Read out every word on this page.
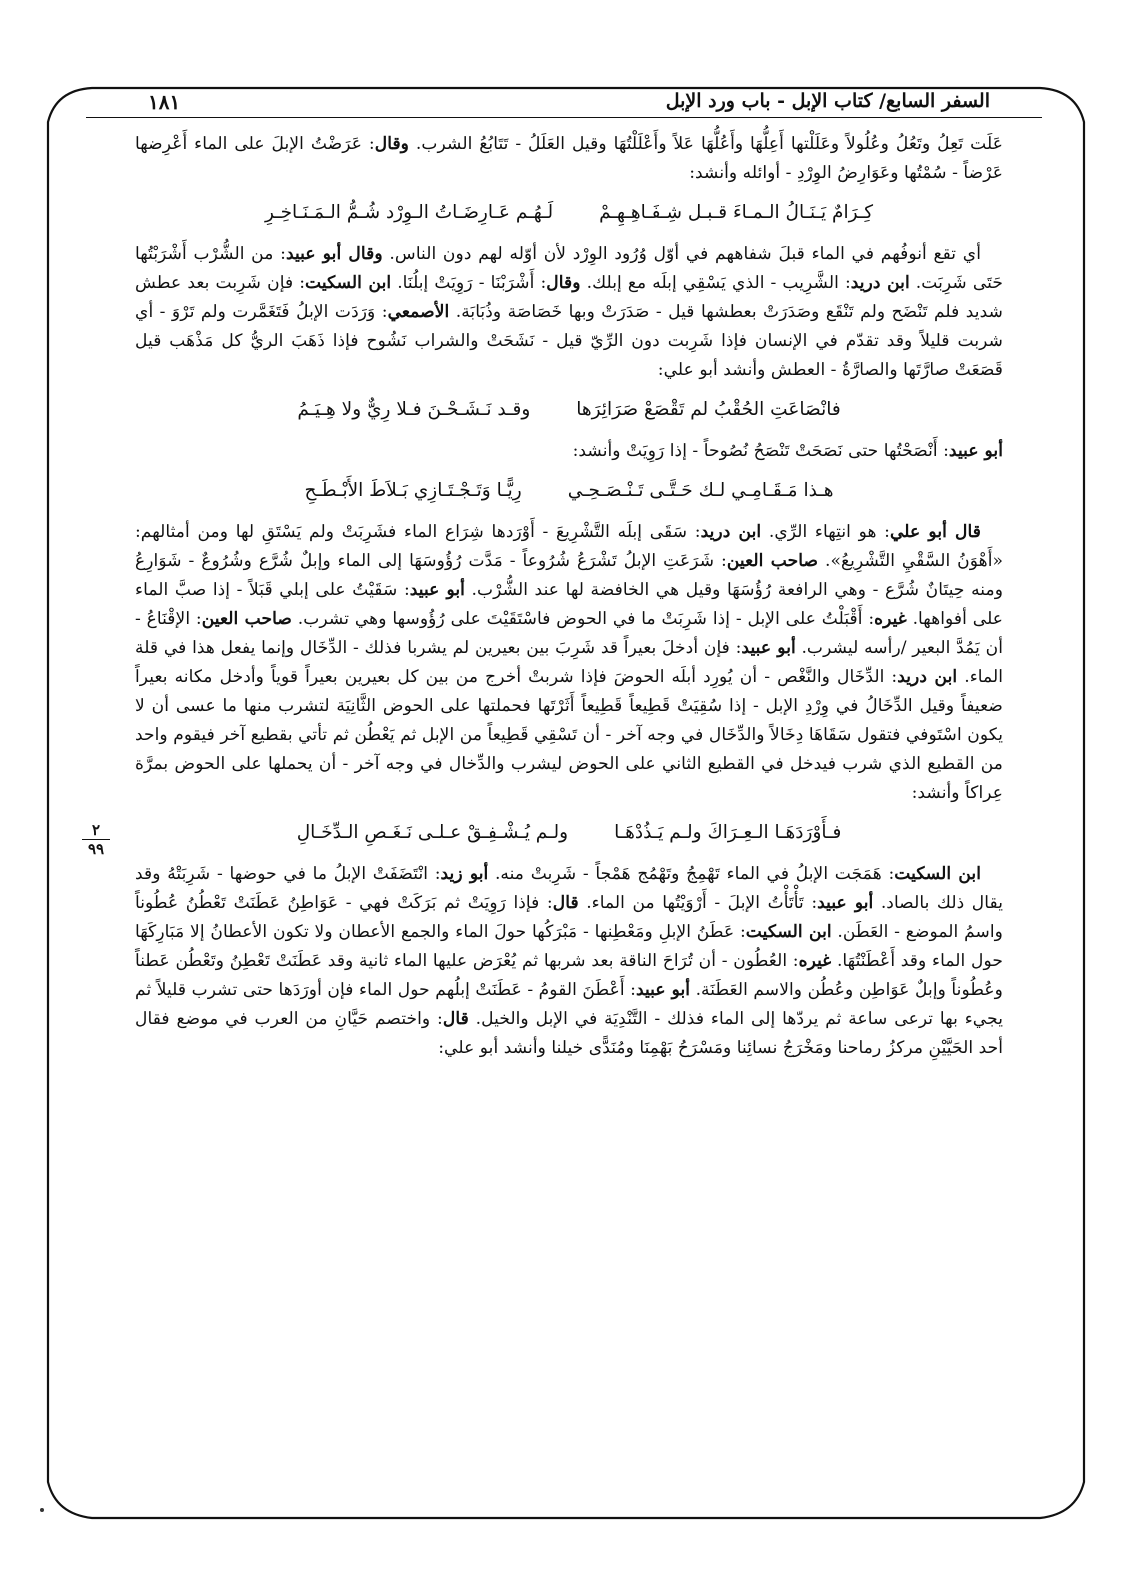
السفر السابع/ كتاب الإبل - باب ورد الإبل
١٨١
٢
٩٩

عَلَت تَعِلُ وتَعُلُ وعُلُولاً وعَلَلْتها أَعِلُّهَا وأَعُلُّهَا عَلاً وأَعْلَلْتُهَا وقيل العَلَلُ - تَتَابُعُ الشرب. وقال: عَرَضْتُ الإبلَ على الماء أَعْرِضها عَرْضاً - سُمْتُها وعَوَارِضُ الوِرْدِ - أوائله وأنشد:

كِـرَامٌ يَـنَـالُ الـمـاءَ قـبـل شِـفَـاهِـهِـمْ
لَـهُـم عَـارِضَـاتُ الـوِرْد شُـمُّ الـمَـنَـاخِـرِ

أي تقع أنوفُهم في الماء قبلَ شفاههم في أوّل وُرُود الوِرْد لأن أوّله لهم دون الناس. وقال أبو عبيد: من الشُّرْب أَشْرَبْتُها حَتَى شَرِبَت. ابن دريد: الشَّرِيب - الذي يَسْقِي إبلَه مع إبلك. وقال: أَشْرَبْنَا - رَوِيَتْ إبلُنَا. ابن السكيت: فإن شَرِبت بعد عطش شديد فلم تَنْضَح ولم تَنْقَع وصَدَرَتْ بعطشها قيل - صَدَرَتْ وبها خَصَاصَة وذُبَابَة. الأصمعي: وَرَدَت الإبلُ فَتَغَمَّرت ولم تَرْوَ - أي شربت قليلاً وقد تقدّم في الإنسان فإذا شَرِبت دون الرِّيّ قيل - نَشَحَتْ والشراب نَشُوح فإذا ذَهَبَ الريُّ كل مَذْهَب قيل قَصَعَتْ صارَّتَها والصارَّةُ - العطش وأنشد أبو علي:

فانْصَاعَتِ الحُقْبُ لم تَقْصَعْ صَرَائِرَها
وقـد نَـشَـحْـنَ فـلا رِيٌّ ولا هِـيَـمُ

أبو عبيد: أَنْصَحْتُها حتى نَصَحَتْ تَنْصَحُ نُصُوحاً - إذا رَوِيَتْ وأنشد:

هـذا مَـقَـامِـي لـك حَـتَّـى تَـنْـصَـحِـي
رِيًّـا وَتَـجْـتَـازِي بَـلاَطَ الأَبْـطَـحِ

قال أبو علي: هو انتِهاء الرِّي. ابن دريد: سَقَى إبلَه التَّشْرِيعَ - أَوْرَدها شِرَاع الماء فشَرِبَتْ ولم يَسْتَقِ لها ومن أمثالهم: «أَهْوَنُ السَّقْيِ التَّشْرِيعُ». صاحب العين: شَرَعَتِ الإبلُ تَشْرَعُ شُرُوعاً - مَدَّت رُؤُوسَهَا إلى الماء وإبلٌ شُرَّع وشُرُوعٌ - شَوَارِعُ ومنه حِيتَانٌ شُرَّع - وهي الرافعة رُؤُسَهَا وقيل هي الخافضة لها عند الشُّرْب. أبو عبيد: سَقَيْتُ على إبلي قَبَلاً - إذا صبَّ الماء على أفواهها. غيره: أَقْبَلْتُ على الإبل - إذا شَرِبَتْ ما في الحوض فاسْتَقَيْتَ على رُؤُوسها وهي تشرب. صاحب العين: الإقْنَاعُ - أن يَمُدَّ البعير /رأسه ليشرب. أبو عبيد: فإن أدخلَ بعيراً قد شَرِبَ بين بعيرين لم يشربا فذلك - الدِّخَال وإنما يفعل هذا في قلة الماء. ابن دريد: الدِّخَال والنَّغْص - أن يُورِد أبلَه الحوضَ فإذا شربتْ أخرج من بين كل بعيرين بعيراً قوياً وأدخل مكانه بعيراً ضعيفاً وقيل الدِّخَالُ في وِرْدِ الإبل - إذا سُقِيَتْ قَطِيعاً قَطِيعاً أَثَرْتَها فحملتها على الحوض الثَّانِيَة لتشرب منها ما عسى أن لا يكون اسْتَوفي فتقول سَقَاهَا دِخَالاً والدِّخَال في وجه آخر - أن تَسْقِي قَطِيعاً من الإبل ثم يَعْطُن ثم تأتي بقطيع آخر فيقوم واحد من القطيع الذي شرب فيدخل في القطيع الثاني على الحوض ليشرب والدِّخال في وجه آخر - أن يحملها على الحوض بمرَّة عِراكاً وأنشد:

فـأَوْرَدَهَـا الـعِـرَاكَ ولـم يَـذُدْهَـا
ولـم يُـشْـفِـقْ عـلـى نَـغَـصِ الـدِّخَـالِ

ابن السكيت: هَمَجَت الإبلُ في الماء تَهْمِجُ وتَهْمُج هَمْجاً - شَرِبتْ منه. أبو زيد: انْتَضَفَتْ الإبلُ ما في حوضها - شَرِبَتْهُ وقد يقال ذلك بالصاد. أبو عبيد: تَأْتَأْتُ الإبلَ - أَرْوَيْتُها من الماء. قال: فإذا رَوِيَتْ ثم بَرَكَتْ فهي - عَوَاطِنُ عَطَنَتْ تَعْطُنُ عُطُوناً واسمُ الموضع - العَطَن. ابن السكيت: عَطَنُ الإبلِ ومَعْطِنها - مَبْرَكُها حولَ الماء والجمع الأعطان ولا تكون الأعطانُ إلا مَبَارِكَهَا حول الماء وقد أَعْطَنْتُهَا. غيره: العُطُون - أن تُرَاحَ الناقة بعد شربها ثم يُعْرَض عليها الماء ثانية وقد عَطَنَتْ تَعْطِنُ وتَعْطُن عَطناً وعُطُوناً وإبلٌ عَوَاطِن وعُطُن والاسم العَطَنَة. أبو عبيد: أَعْطَنَ القومُ - عَطَنَتْ إبلُهم حول الماء فإن أورَدَها حتى تشرب قليلاً ثم يجيء بها ترعى ساعة ثم يردّها إلى الماء فذلك - التَّنْدِيَة في الإبل والخيل. قال: واختصم حَيَّانِ من العرب في موضع فقال أحد الحَيَّيْنِ مركزُ رماحنا ومَخْرَجُ نسائِنا ومَسْرَحُ بَهْمِنَا ومُنَدًّى خيلنا وأنشد أبو علي:
